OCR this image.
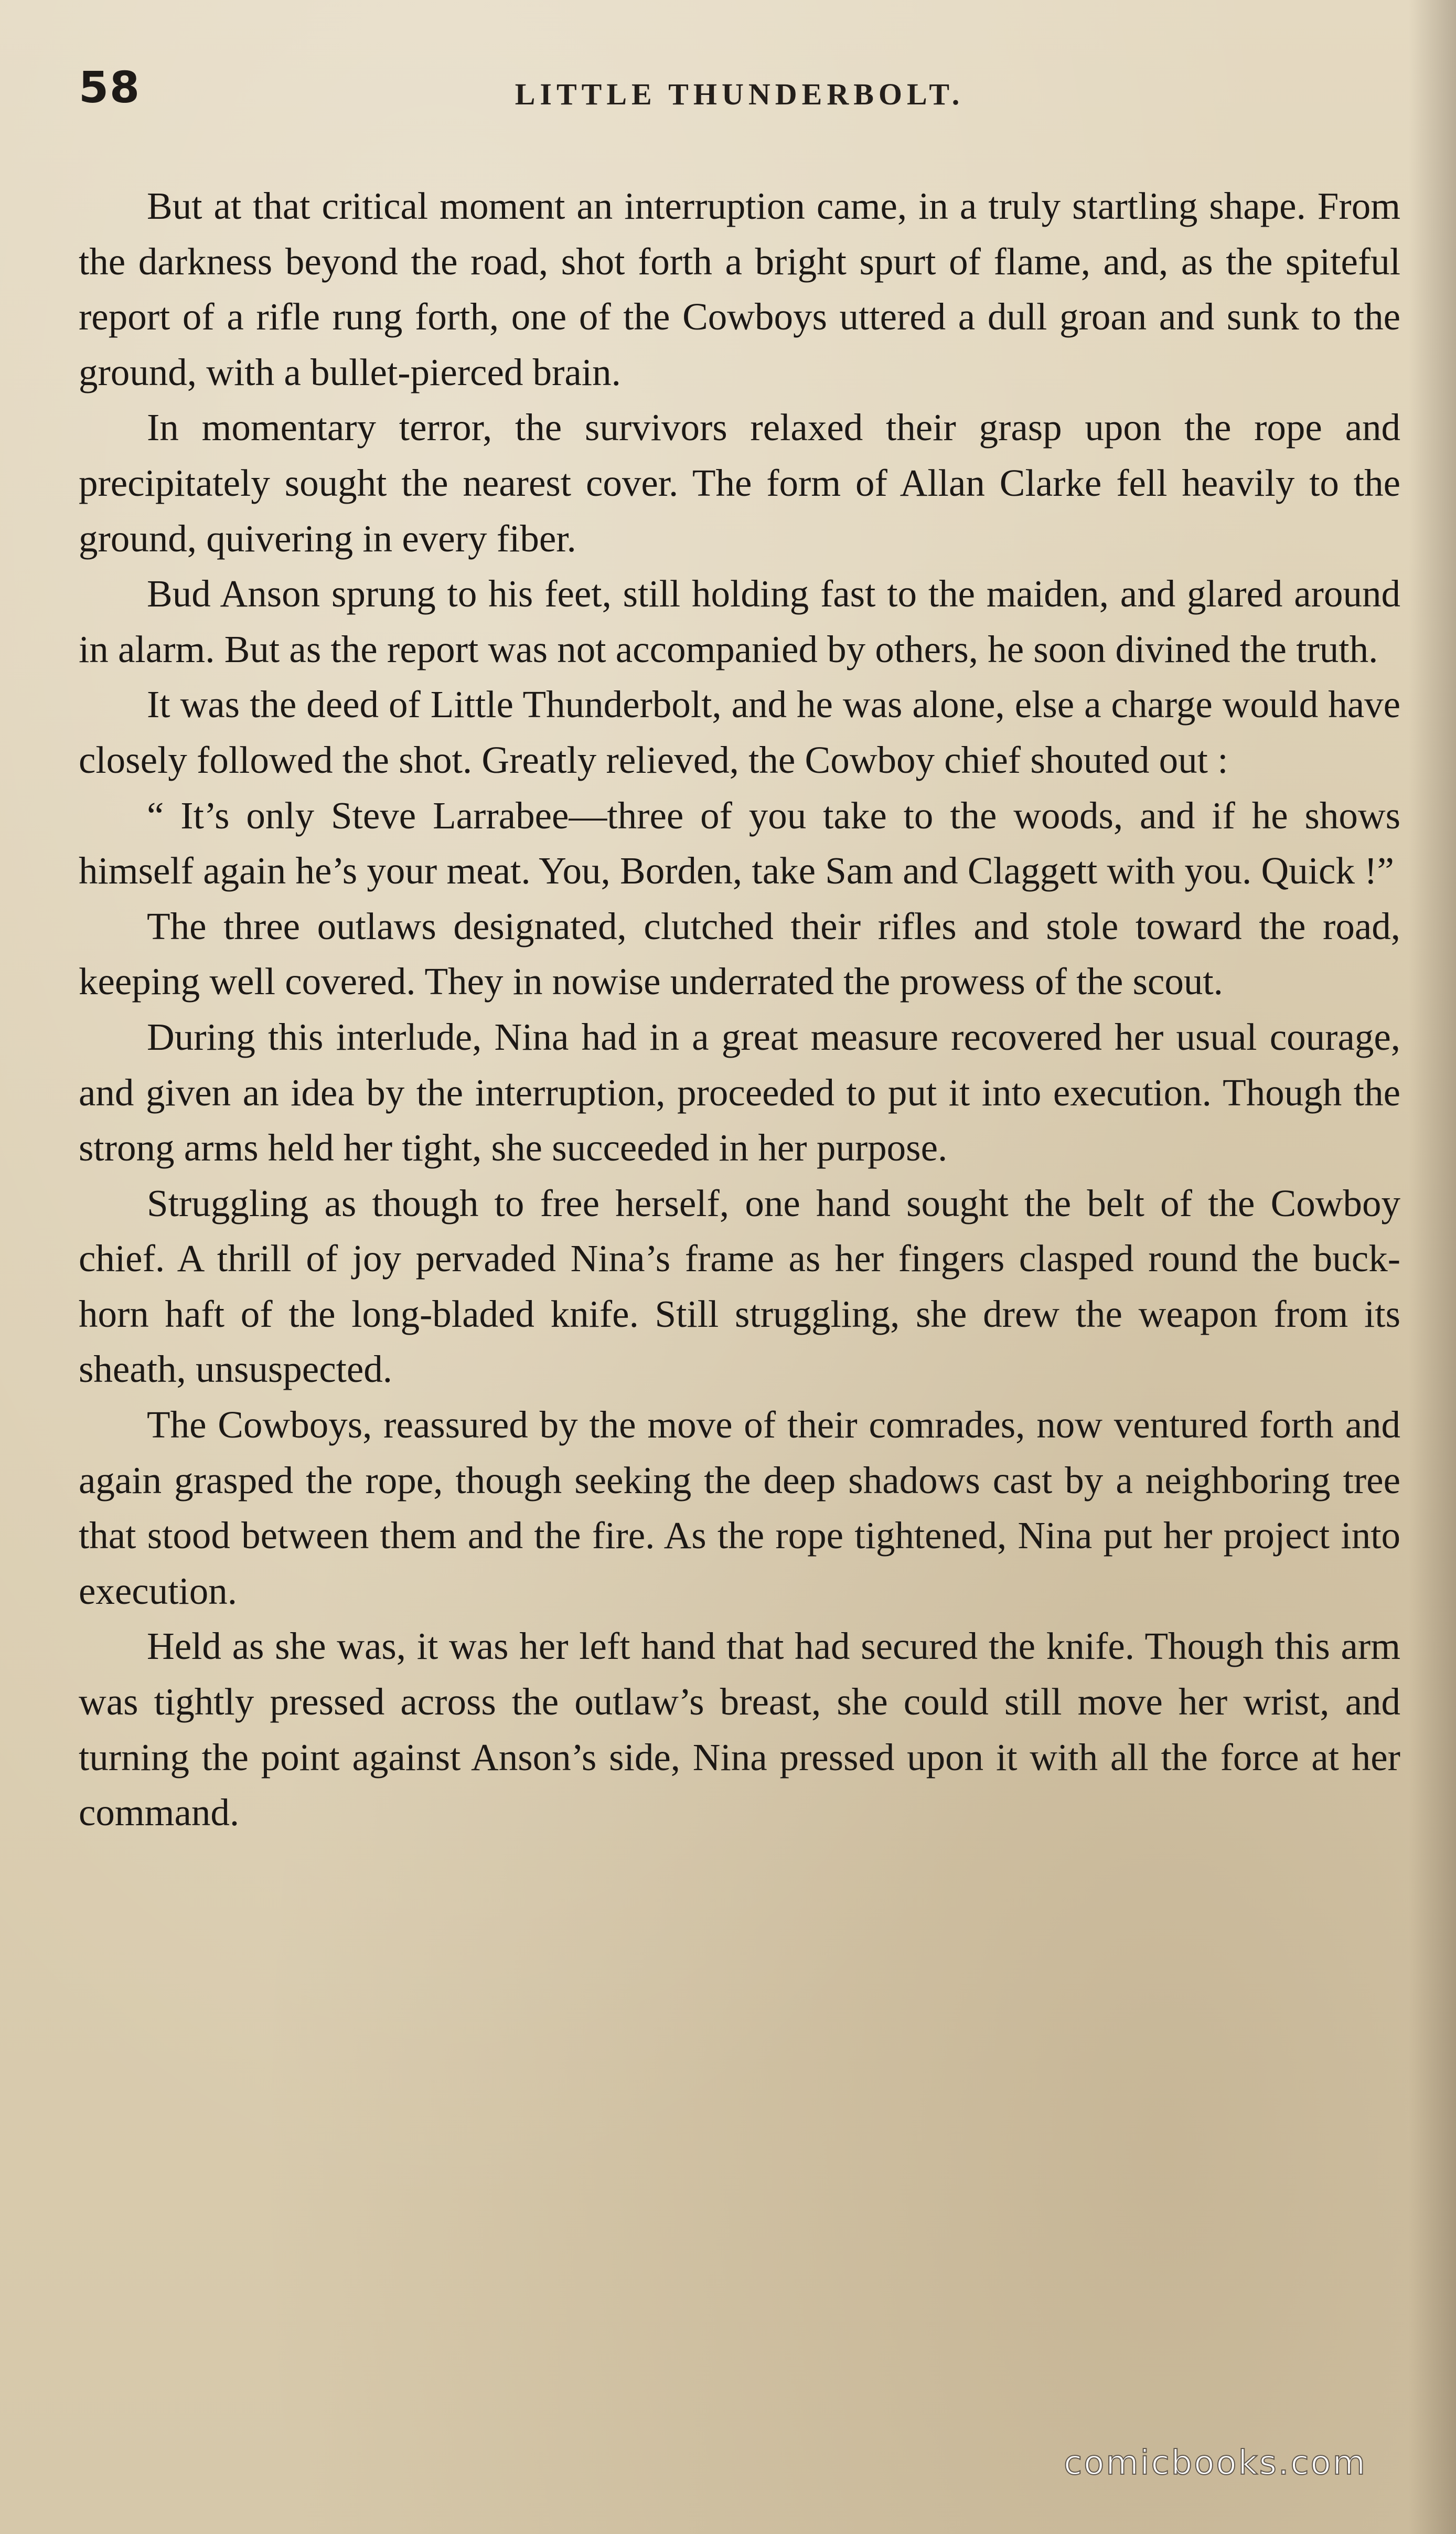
58	LITTLE THUNDERBOLT.

But at that critical moment an interruption came, in a truly startling shape. From the darkness beyond the road, shot forth a bright spurt of flame, and, as the spiteful report of a rifle rung forth, one of the Cowboys uttered a dull groan and sunk to the ground, with a bullet-pierced brain.

In momentary terror, the survivors relaxed their grasp upon the rope and precipitately sought the nearest cover. The form of Allan Clarke fell heavily to the ground, quivering in every fiber.

Bud Anson sprung to his feet, still holding fast to the maiden, and glared around in alarm. But as the report was not accompanied by others, he soon divined the truth.

It was the deed of Little Thunderbolt, and he was alone, else a charge would have closely followed the shot. Greatly relieved, the Cowboy chief shouted out :

“ It’s only Steve Larrabee—three of you take to the woods, and if he shows himself again he’s your meat. You, Borden, take Sam and Claggett with you. Quick !”

The three outlaws designated, clutched their rifles and stole toward the road, keeping well covered. They in nowise underrated the prowess of the scout.

During this interlude, Nina had in a great measure recovered her usual courage, and given an idea by the interruption, proceeded to put it into execution. Though the strong arms held her tight, she succeeded in her purpose.

Struggling as though to free herself, one hand sought the belt of the Cowboy chief. A thrill of joy pervaded Nina’s frame as her fingers clasped round the buck-horn haft of the long-bladed knife. Still struggling, she drew the weapon from its sheath, unsuspected.

The Cowboys, reassured by the move of their comrades, now ventured forth and again grasped the rope, though seeking the deep shadows cast by a neighboring tree that stood between them and the fire. As the rope tightened, Nina put her project into execution.

Held as she was, it was her left hand that had secured the knife. Though this arm was tightly pressed across the outlaw’s breast, she could still move her wrist, and turning the point against Anson’s side, Nina pressed upon it with all the force at her command.

comicbooks.com
